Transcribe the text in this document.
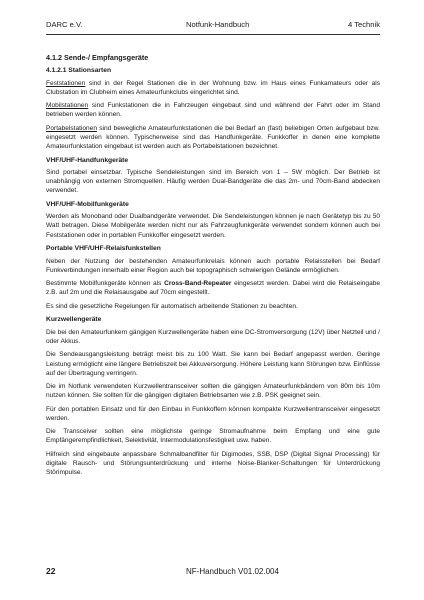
DARC e.V.	Notfunk-Handbuch	4 Technik
4.1.2 Sende-/ Empfangsgeräte
4.1.2.1 Stationsarten

Feststationen sind in der Regel Stationen die in der Wohnung bzw. im Haus eines Funkamateurs oder als Clubstation im Clubheim eines Amateurfunkclubs eingerichtet sind.

Mobilstationen sind Funkstationen die in Fahrzeugen eingebaut sind und während der Fahrt oder im Stand betrieben werden können.

Portabelstationen sind bewegliche Amateurfunkstationen die bei Bedarf an (fast) beliebigen Orten aufgebaut bzw. eingesetzt werden können. Typischerweise sind das Handfunkgeräte. Funkkoffer in denen eine komplette Amateurfunkstation eingebaut ist werden auch als Portabelstationen bezeichnet.

VHF/UHF-Handfunkgeräte

Sind portabel einsetzbar. Typische Sendeleistungen sind im Bereich von 1 – 5W möglich. Der Betrieb ist unabhängig von externen Stromquellen. Häufig werden Dual-Bandgeräte die das 2m- und 70cm-Band abdecken verwendet.

VHF/UHF-Mobilfunkgeräte

Werden als Monoband oder Dualbandgeräte verwendet. Die Sendeleistungen können je nach Gerätetyp bis zu 50 Watt betragen. Diese Mobilgeräte werden nicht nur als Fahrzeugfunkgeräte verwendet sondern können auch bei Feststationen oder in portablen Funkkoffer eingesetzt werden.

Portable VHF/UHF-Relaisfunkstellen

Neben der Nutzung der bestehenden Amateurfunkrelais können auch portable Relaisstellen bei Bedarf Funkverbindungen innerhalb einer Region auch bei topographisch schwierigen Gelände ermöglichen.

Bestimmte Mobilfunkgeräte können als Cross-Band-Repeater eingesetzt werden. Dabei wird die Relaiseingabe z.B. auf 2m und die Relaisausgabe auf 70cm eingestellt.

Es sind die gesetzliche Regelungen für automatisch arbeitende Stationen zu beachten.

Kurzwellengeräte

Die bei den Amateurfunkern gängigen Kurzwellengeräte haben eine DC-Stromversorgung (12V) über Netzteil und / oder Akkus.

Die Sendeausgangsleistung beträgt meist bis zu 100 Watt. Sie kann bei Bedarf angepasst werden. Geringe Leistung ermöglicht eine längere Betriebszeit bei Akkuversorgung. Höhere Leistung kann Störungen bzw. Einflüsse auf der Übertragung verringern.

Die im Notfunk verwendeten Kurzwellentransceiver sollten die gängigen Amateurfunkbändern von 80m bis 10m nutzen können. Sie sollten für die gängigen digitalen Betriebsarten wie z.B. PSK geeignet sein.

Für den portablen Einsatz und für den Einbau in Funkkoffern können kompakte Kurzwellentransceiver eingesetzt werden.

Die Transceiver sollten eine möglichste geringe Stromaufnahme beim Empfang und eine gute Empfängerempfindlichkeit, Selektivität, Intermodulationsfestigkeit usw. haben.

Hilfreich sind eingebaute anpassbare Schmalbandfilter für Digimodes, SSB, DSP (Digital Signal Processing) für digitale Rausch- und Störungsunterdrückung und interne Noise-Blanker-Schaltungen für Unterdrückung Störimpulse.

22	NF-Handbuch V01.02.004
